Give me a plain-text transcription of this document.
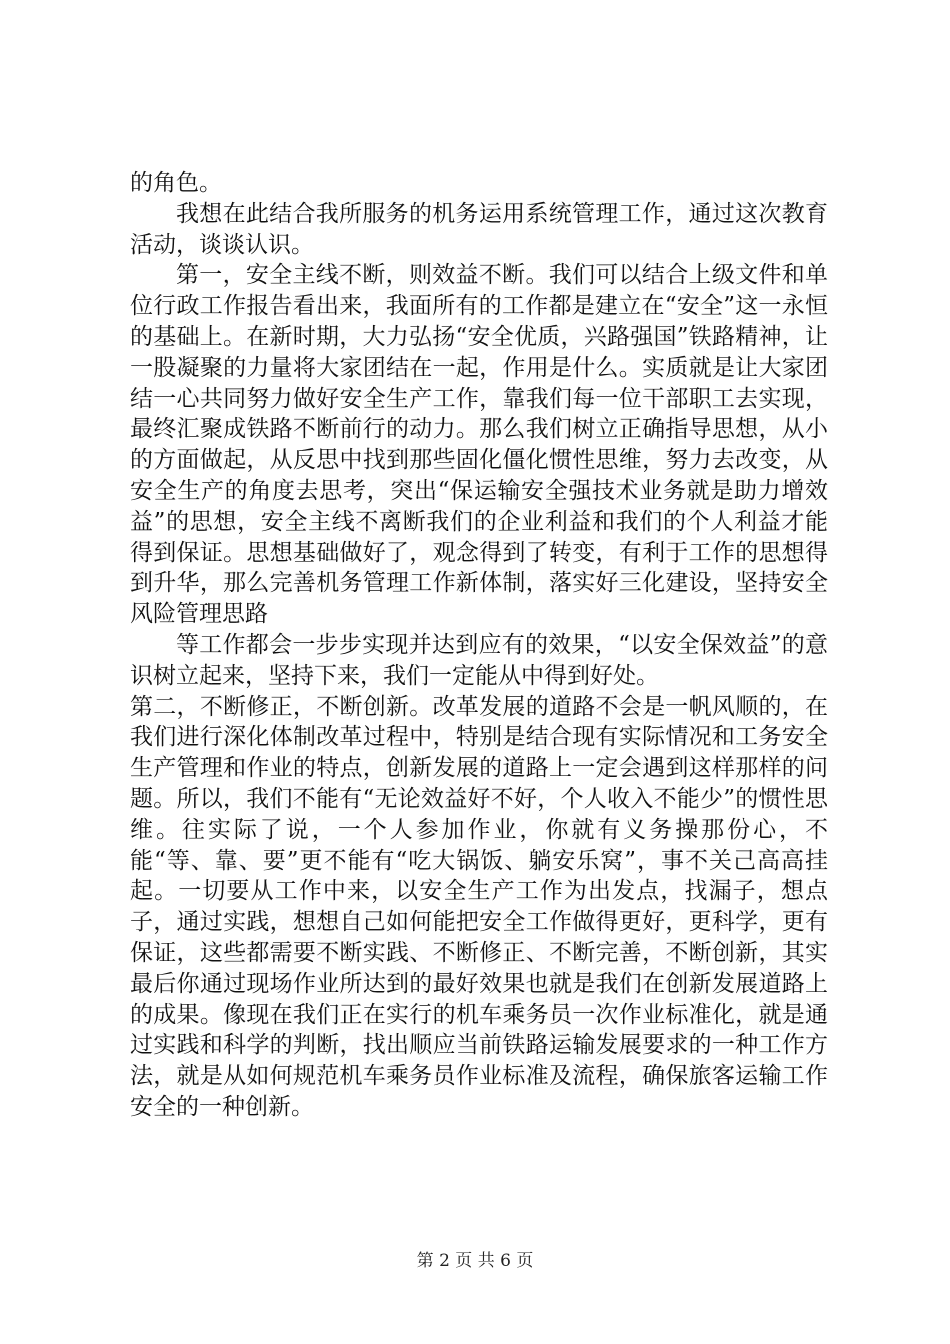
的角色。

我想在此结合我所服务的机务运用系统管理工作，通过这次教育活动，谈谈认识。

第一，安全主线不断，则效益不断。我们可以结合上级文件和单位行政工作报告看出来，我面所有的工作都是建立在“安全”这一永恒的基础上。在新时期，大力弘扬“安全优质，兴路强国”铁路精神，让一股凝聚的力量将大家团结在一起，作用是什么。实质就是让大家团结一心共同努力做好安全生产工作，靠我们每一位干部职工去实现，最终汇聚成铁路不断前行的动力。那么我们树立正确指导思想，从小的方面做起，从反思中找到那些固化僵化惯性思维，努力去改变，从安全生产的角度去思考，突出“保运输安全强技术业务就是助力增效益”的思想，安全主线不离断我们的企业利益和我们的个人利益才能得到保证。思想基础做好了，观念得到了转变，有利于工作的思想得到升华，那么完善机务管理工作新体制，落实好三化建设，坚持安全风险管理思路

等工作都会一步步实现并达到应有的效果，“以安全保效益”的意识树立起来，坚持下来，我们一定能从中得到好处。

第二，不断修正，不断创新。改革发展的道路不会是一帆风顺的，在我们进行深化体制改革过程中，特别是结合现有实际情况和工务安全生产管理和作业的特点，创新发展的道路上一定会遇到这样那样的问题。所以，我们不能有“无论效益好不好，个人收入不能少”的惯性思维。往实际了说，一个人参加作业，你就有义务操那份心，不能“等、靠、要”更不能有“吃大锅饭、躺安乐窝”，事不关己高高挂起。一切要从工作中来，以安全生产工作为出发点，找漏子，想点子，通过实践，想想自己如何能把安全工作做得更好，更科学，更有保证，这些都需要不断实践、不断修正、不断完善，不断创新，其实最后你通过现场作业所达到的最好效果也就是我们在创新发展道路上的成果。像现在我们正在实行的机车乘务员一次作业标准化，就是通过实践和科学的判断，找出顺应当前铁路运输发展要求的一种工作方法，就是从如何规范机车乘务员作业标准及流程，确保旅客运输工作安全的一种创新。

第 2 页 共 6 页
